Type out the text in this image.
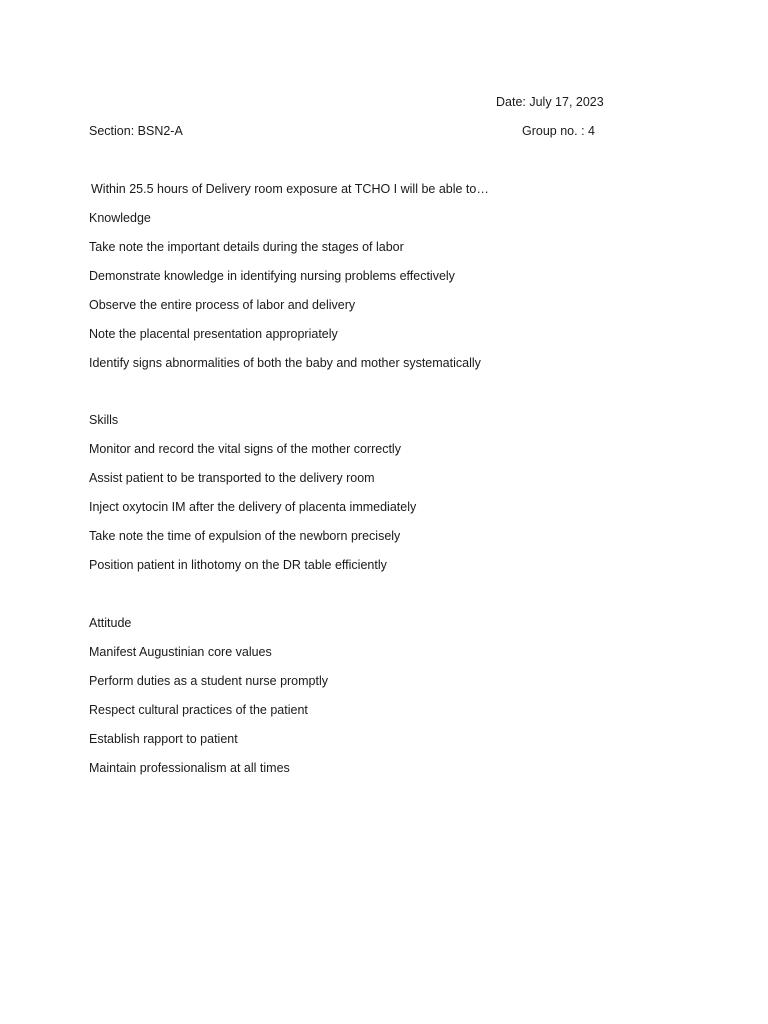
Date: July 17, 2023
Section: BSN2-A	Group no. : 4
Within 25.5 hours of Delivery room exposure at TCHO I will be able to…
Knowledge
Take note the important details during the stages of labor
Demonstrate knowledge in identifying nursing problems effectively
Observe the entire process of labor and delivery
Note the placental presentation appropriately
Identify signs abnormalities of both the baby and mother systematically
Skills
Monitor and record the vital signs of the mother correctly
Assist patient to be transported to the delivery room
Inject oxytocin IM after the delivery of placenta immediately
Take note the time of expulsion of the newborn precisely
Position patient in lithotomy on the DR table efficiently
Attitude
Manifest Augustinian core values
Perform duties as a student nurse promptly
Respect cultural practices of the patient
Establish rapport to patient
Maintain professionalism at all times
